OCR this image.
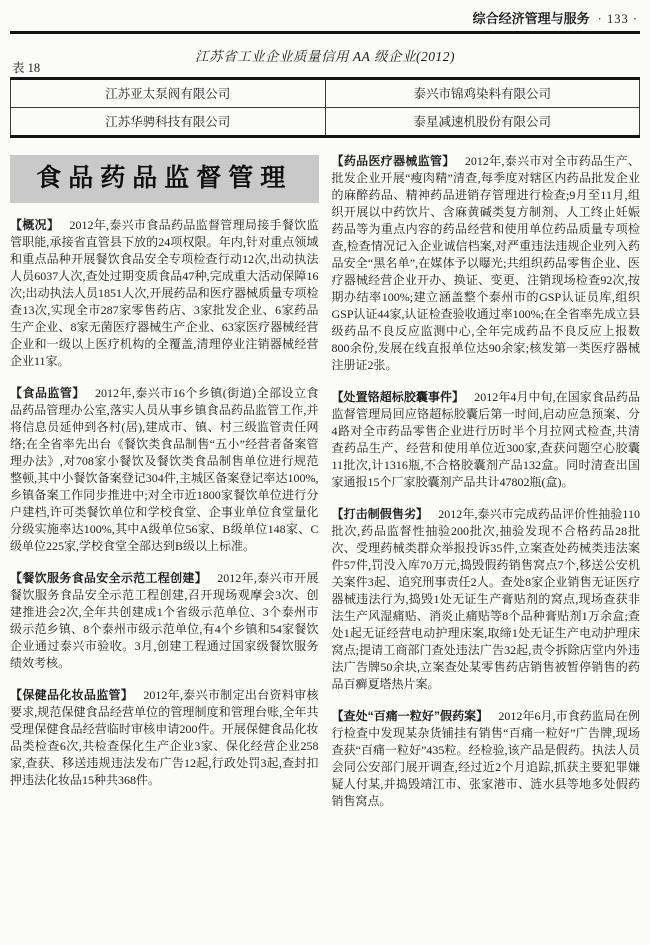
综合经济管理与服务 · 133 ·
江苏省工业企业质量信用 AA 级企业(2012)
表 18
江苏亚太泵阀有限公司	泰兴市锦鸡染料有限公司
江苏华骋科技有限公司	泰星减速机股份有限公司
食品药品监督管理

【概况】 2012年,泰兴市食品药品监督管理局接手餐饮监管职能,承接省直管县下放的24项权限。年内,针对重点领域和重点品种开展餐饮食品安全专项检查行动12次,出动执法人员6037人次,查处过期变质食品47种,完成重大活动保障16次;出动执法人员1851人次,开展药品和医疗器械质量专项检查13次,实现全市287家零售药店、3家批发企业、6家药品生产企业、8家无菌医疗器械生产企业、63家医疗器械经营企业和一级以上医疗机构的全覆盖,清理停业注销器械经营企业11家。

【食品监管】 2012年,泰兴市16个乡镇(街道)全部设立食品药品管理办公室,落实人员从事乡镇食品药品监管工作,并将信息员延伸到各村(居),建成市、镇、村三级监管责任网络;在全省率先出台《餐饮类食品制售“五小”经营者备案管理办法》,对708家小餐饮及餐饮类食品制售单位进行规范整顿,其中小餐饮备案登记304件,主城区备案登记率达100%,乡镇备案工作同步推进中;对全市近1800家餐饮单位进行分户建档,许可类餐饮单位和学校食堂、企事业单位食堂量化分级实施率达100%,其中A级单位56家、B级单位148家、C级单位225家,学校食堂全部达到B级以上标准。

【餐饮服务食品安全示范工程创建】 2012年,泰兴市开展餐饮服务食品安全示范工程创建,召开现场观摩会3次、创建推进会2次,全年共创建成1个省级示范单位、3个泰州市级示范乡镇、8个泰州市级示范单位,有4个乡镇和54家餐饮企业通过泰兴市验收。3月,创建工程通过国家级餐饮服务绩效考核。

【保健品化妆品监管】 2012年,泰兴市制定出台资料审核要求,规范保健食品经营单位的管理制度和管理台账,全年共受理保健食品经营临时审核申请200件。开展保健食品化妆品类检查6次,共检查保化生产企业3家、保化经营企业258家,查获、移送违规违法发布广告12起,行政处罚3起,查封扣押违法化妆品15种共368件。

【药品医疗器械监管】 2012年,泰兴市对全市药品生产、批发企业开展“瘦肉精”清查,每季度对辖区内药品批发企业的麻醉药品、精神药品进销存管理进行检查;9月至11月,组织开展以中药饮片、含麻黄碱类复方制剂、人工终止妊娠药品等为重点内容的药品经营和使用单位药品质量专项检查,检查情况记入企业诚信档案,对严重违法违规企业列入药品安全“黑名单”,在媒体予以曝光;共组织药品零售企业、医疗器械经营企业开办、换证、变更、注销现场检查92次,按期办结率100%;建立涵盖整个泰州市的GSP认证员库,组织GSP认证44家,认证检查验收通过率100%;在全省率先成立县级药品不良反应监测中心,全年完成药品不良反应上报数800余份,发展在线直报单位达90余家;核发第一类医疗器械注册证2张。

【处置铬超标胶囊事件】 2012年4月中旬,在国家食品药品监督管理局回应铬超标胶囊后第一时间,启动应急预案、分4路对全市药品零售企业进行历时半个月拉网式检查,共清查药品生产、经营和使用单位近300家,查获问题空心胶囊11批次,计1316瓶,不合格胶囊剂产品132盒。同时清查出国家通报15个厂家胶囊剂产品共计47802瓶(盒)。

【打击制假售劣】 2012年,泰兴市完成药品评价性抽验110批次,药品监督性抽验200批次,抽验发现不合格药品28批次、受理药械类群众举报投诉35件,立案查处药械类违法案件57件,罚没入库70万元,捣毁假药销售窝点7个,移送公安机关案件3起、追究刑事责任2人。查处8家企业销售无证医疗器械违法行为,捣毁1处无证生产膏贴剂的窝点,现场查获非法生产风湿痛贴、消炎止痛贴等8个品种膏贴剂1万余盒;查处1起无证经营电动护理床案,取缔1处无证生产电动护理床窝点;提请工商部门查处违法广告32起,责令拆除店堂内外违法广告牌50余块,立案查处某零售药店销售被暂停销售的药品百癣夏塔热片案。

【查处“百痛一粒好”假药案】 2012年6月,市食药监局在例行检查中发现某杂货铺挂有销售“百痛一粒好”广告牌,现场查获“百痛一粒好”435粒。经检验,该产品是假药。执法人员会同公安部门展开调查,经过近2个月追踪,抓获主要犯罪嫌疑人付某,并捣毁靖江市、张家港市、涟水县等地多处假药销售窝点。
